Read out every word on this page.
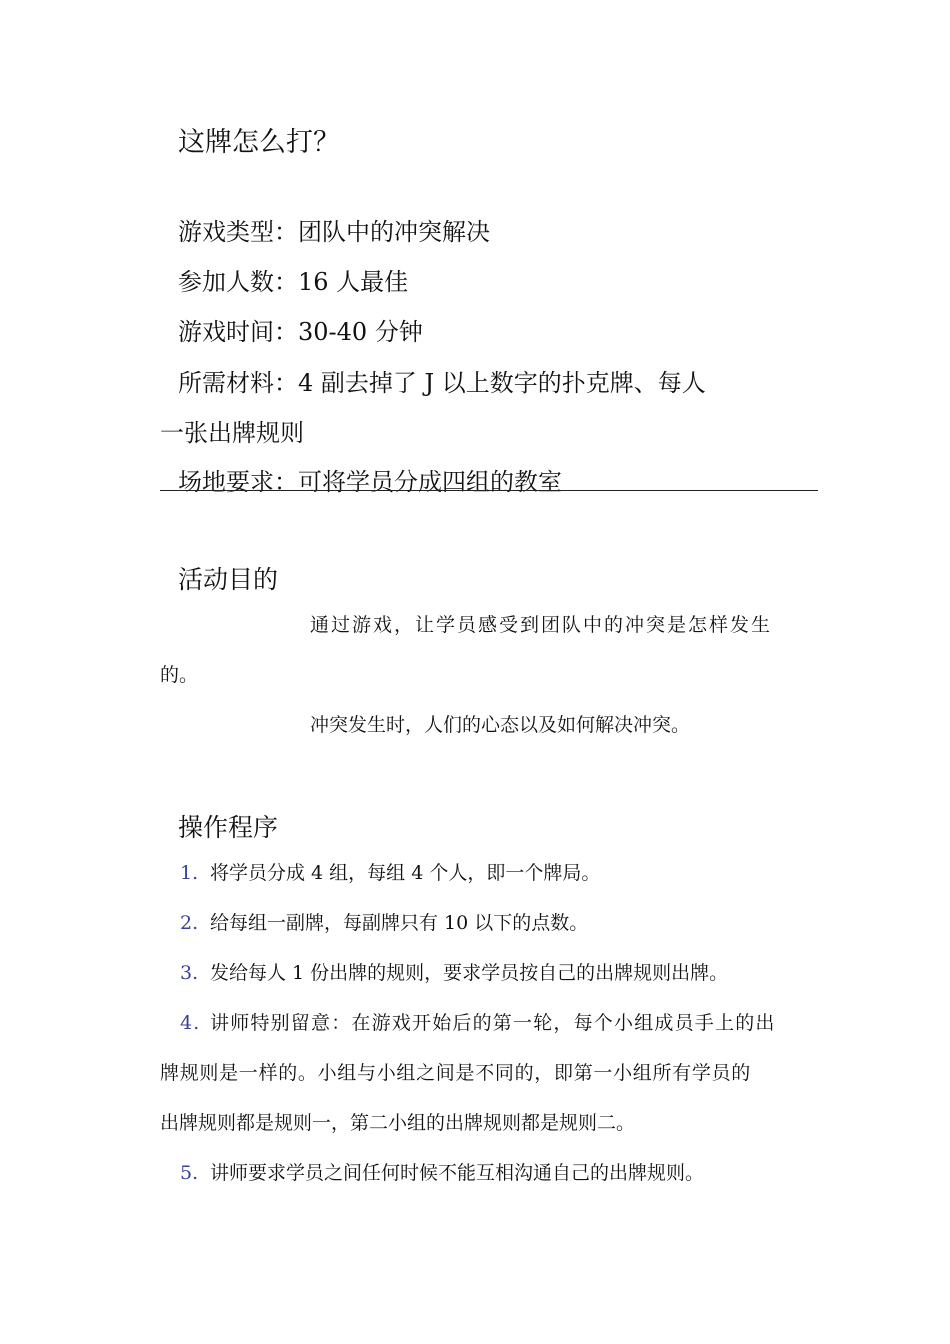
这牌怎么打？
游戏类型：团队中的冲突解决
参加人数：16 人最佳
游戏时间：30-40 分钟
所需材料：4 副去掉了 J 以上数字的扑克牌、每人
一张出牌规则
场地要求：可将学员分成四组的教室
活动目的
通过游戏，让学员感受到团队中的冲突是怎样发生
的。
冲突发生时，人们的心态以及如何解决冲突。
操作程序
1. 将学员分成 4 组，每组 4 个人，即一个牌局。
2. 给每组一副牌，每副牌只有 10 以下的点数。
3. 发给每人 1 份出牌的规则，要求学员按自己的出牌规则出牌。
4. 讲师特别留意：在游戏开始后的第一轮，每个小组成员手上的出
牌规则是一样的。小组与小组之间是不同的，即第一小组所有学员的
出牌规则都是规则一，第二小组的出牌规则都是规则二。
5. 讲师要求学员之间任何时候不能互相沟通自己的出牌规则。
